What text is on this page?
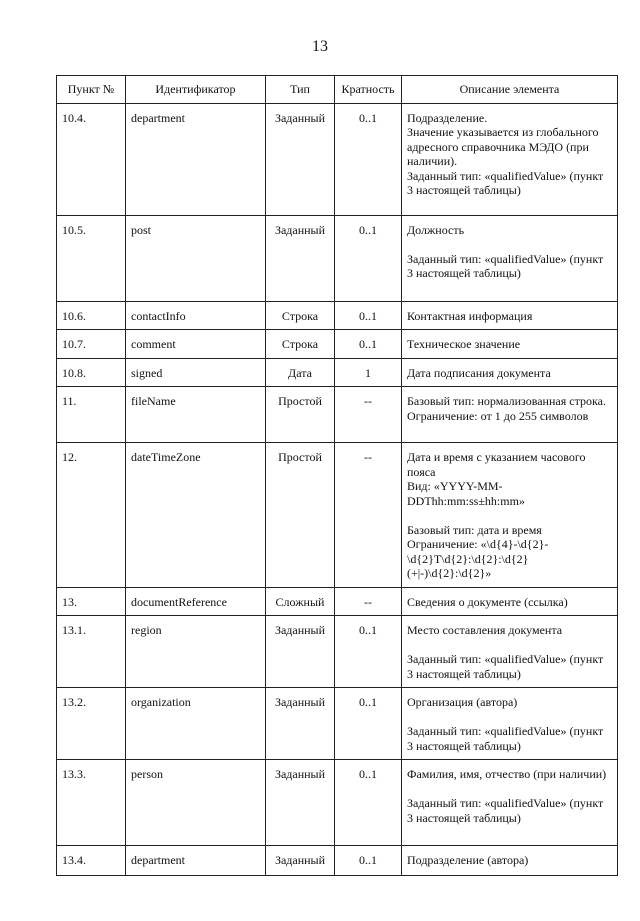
13
Пункт №	Идентификатор	Тип	Кратность	Описание элемента
10.4.	department	Заданный	0..1	Подразделение.
Значение указывается из глобального адресного справочника МЭДО (при наличии).
Заданный тип: «qualifiedValue» (пункт 3 настоящей таблицы)
10.5.	post	Заданный	0..1	Должность

Заданный тип: «qualifiedValue» (пункт 3 настоящей таблицы)
10.6.	contactInfo	Строка	0..1	Контактная информация
10.7.	comment	Строка	0..1	Техническое значение
10.8.	signed	Дата	1	Дата подписания документа
11.	fileName	Простой	--	Базовый тип: нормализованная строка.
Ограничение: от 1 до 255 символов
12.	dateTimeZone	Простой	--	Дата и время с указанием часового пояса
Вид: «YYYY-MM-DDThh:mm:ss±hh:mm»

Базовый тип: дата и время
Ограничение: «\d{4}-\d{2}-\d{2}T\d{2}:\d{2}:\d{2}(+|-)\d{2}:\d{2}»
13.	documentReference	Сложный	--	Сведения о документе (ссылка)
13.1.	region	Заданный	0..1	Место составления документа

Заданный тип: «qualifiedValue» (пункт 3 настоящей таблицы)
13.2.	organization	Заданный	0..1	Организация (автора)

Заданный тип: «qualifiedValue» (пункт 3 настоящей таблицы)
13.3.	person	Заданный	0..1	Фамилия, имя, отчество (при наличии)

Заданный тип: «qualifiedValue» (пункт 3 настоящей таблицы)
13.4.	department	Заданный	0..1	Подразделение (автора)
